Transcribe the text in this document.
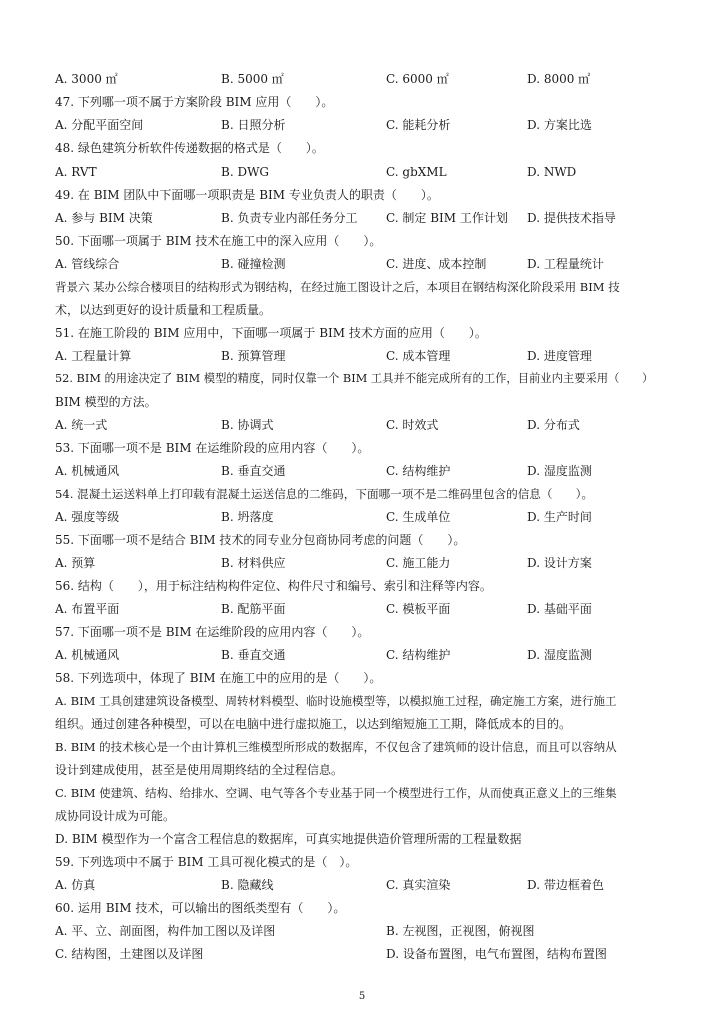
A. 3000 ㎡	B. 5000 ㎡	C. 6000 ㎡	D. 8000 ㎡
47. 下列哪一项不属于方案阶段 BIM 应用（　　）。
A. 分配平面空间	B. 日照分析	C. 能耗分析	D. 方案比选
48. 绿色建筑分析软件传递数据的格式是（　　）。
A. RVT	B. DWG	C. gbXML	D. NWD
49. 在 BIM 团队中下面哪一项职责是 BIM 专业负责人的职责（　　）。
A. 参与 BIM 决策	B. 负责专业内部任务分工 C. 制定 BIM 工作计划 D. 提供技术指导
50. 下面哪一项属于 BIM 技术在施工中的深入应用（　　）。
A. 管线综合	B. 碰撞检测	C. 进度、成本控制	D. 工程量统计
背景六 某办公综合楼项目的结构形式为钢结构，在经过施工图设计之后，本项目在钢结构深化阶段采用 BIM 技
术，以达到更好的设计质量和工程质量。
51. 在施工阶段的 BIM 应用中，下面哪一项属于 BIM 技术方面的应用（　　）。
A. 工程量计算	B. 预算管理	C. 成本管理	D. 进度管理
52. BIM 的用途决定了 BIM 模型的精度，同时仅靠一个 BIM 工具并不能完成所有的工作，目前业内主要采用（　　）
BIM 模型的方法。
A. 统一式	B. 协调式	C. 时效式	D. 分布式
53. 下面哪一项不是 BIM 在运维阶段的应用内容（　　）。
A. 机械通风	B. 垂直交通	C. 结构维护	D. 湿度监测
54. 混凝土运送料单上打印载有混凝土运送信息的二维码，下面哪一项不是二维码里包含的信息（　　）。
A. 强度等级	B. 坍落度	C. 生成单位	D. 生产时间
55. 下面哪一项不是结合 BIM 技术的同专业分包商协同考虑的问题（　　）。
A. 预算	B. 材料供应	C. 施工能力	D. 设计方案
56. 结构（　　），用于标注结构构件定位、构件尺寸和编号、索引和注释等内容。
A. 布置平面	B. 配筋平面	C. 模板平面	D. 基础平面
57. 下面哪一项不是 BIM 在运维阶段的应用内容（　　）。
A. 机械通风	B. 垂直交通	C. 结构维护	D. 湿度监测
58. 下列选项中，体现了 BIM 在施工中的应用的是（　　）。
A. BIM 工具创建建筑设备模型、周转材料模型、临时设施模型等，以模拟施工过程，确定施工方案，进行施工
组织。通过创建各种模型，可以在电脑中进行虚拟施工，以达到缩短施工工期，降低成本的目的。
B. BIM 的技术核心是一个由计算机三维模型所形成的数据库，不仅包含了建筑师的设计信息，而且可以容纳从
设计到建成使用，甚至是使用周期终结的全过程信息。
C. BIM 使建筑、结构、给排水、空调、电气等各个专业基于同一个模型进行工作，从而使真正意义上的三维集
成协同设计成为可能。
D. BIM 模型作为一个富含工程信息的数据库，可真实地提供造价管理所需的工程量数据
59. 下列选项中不属于 BIM 工具可视化模式的是（　）。
A. 仿真	B. 隐藏线	C. 真实渲染	D. 带边框着色
60. 运用 BIM 技术，可以输出的图纸类型有（　　）。
A. 平、立、剖面图，构件加工图以及详图	B. 左视图，正视图，俯视图
C. 结构图，土建图以及详图	D. 设备布置图，电气布置图，结构布置图
5
